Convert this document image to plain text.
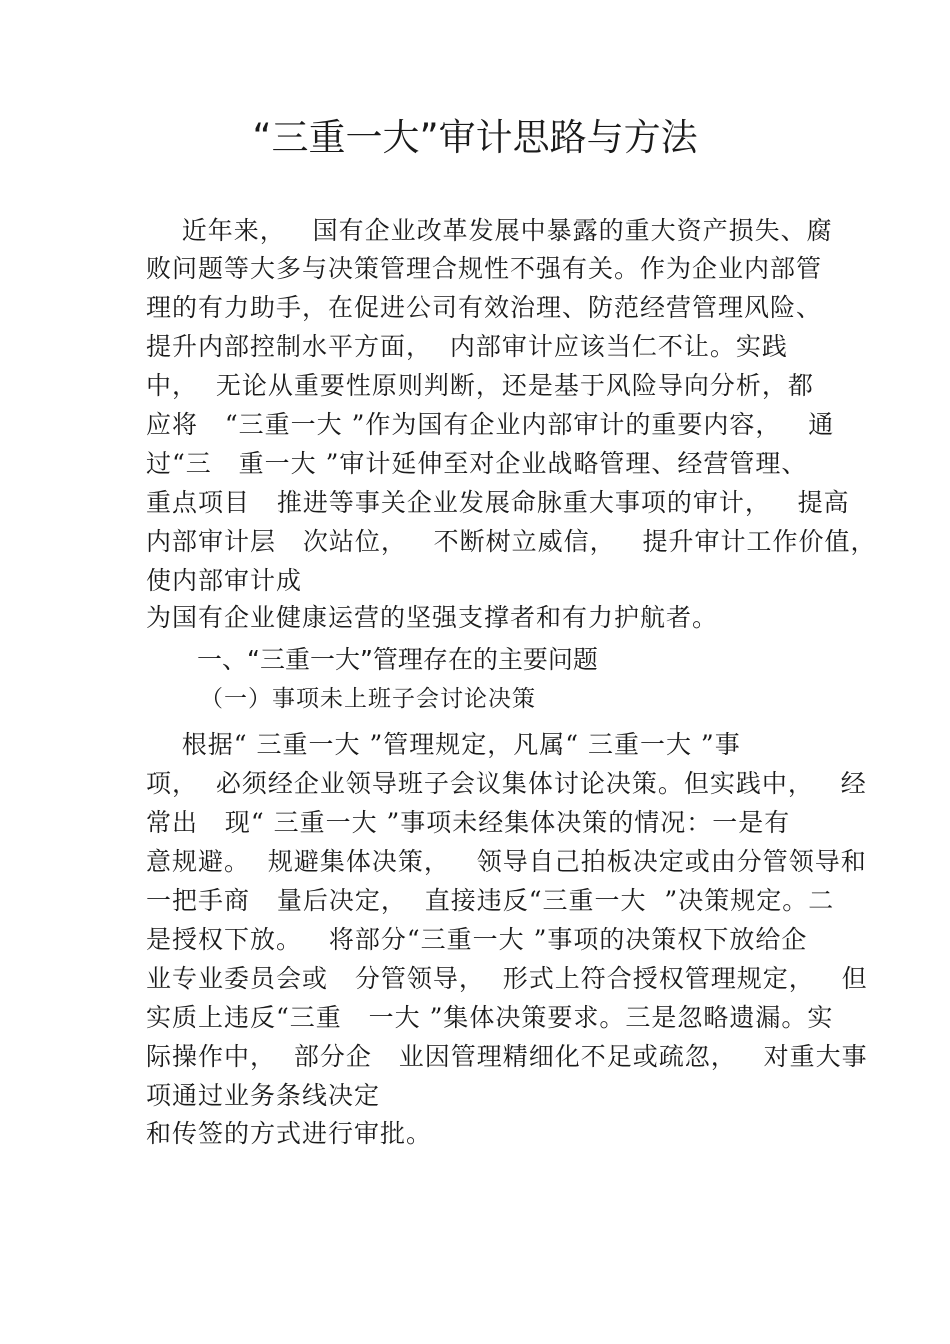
“三重一大”审计思路与方法
近年来，   国有企业改革发展中暴露的重大资产损失、腐
败问题等大多与决策管理合规性不强有关。作为企业内部管
理的有力助手，在促进公司有效治理、防范经营管理风险、
提升内部控制水平方面，  内部审计应该当仁不让。实践
中，  无论从重要性原则判断，还是基于风险导向分析，都
应将   “三重一大 ”作为国有企业内部审计的重要内容，   通
过“三   重一大 ”审计延伸至对企业战略管理、经营管理、
重点项目   推进等事关企业发展命脉重大事项的审计，   提高
内部审计层   次站位，   不断树立威信，   提升审计工作价值，
使内部审计成
为国有企业健康运营的坚强支撑者和有力护航者。
一、“三重一大”管理存在的主要问题
（一）事项未上班子会讨论决策
根据“ 三重一大 ”管理规定，凡属“ 三重一大 ”事
项，  必须经企业领导班子会议集体讨论决策。但实践中，   经
常出   现“ 三重一大 ”事项未经集体决策的情况：一是有
意规避。  规避集体决策，   领导自己拍板决定或由分管领导和
一把手商   量后决定，  直接违反“三重一大  ”决策规定。二
是授权下放。   将部分“三重一大 ”事项的决策权下放给企
业专业委员会或   分管领导，  形式上符合授权管理规定，   但
实质上违反“三重   一大 ”集体决策要求。三是忽略遗漏。实
际操作中，  部分企   业因管理精细化不足或疏忽，   对重大事
项通过业务条线决定
和传签的方式进行审批。
